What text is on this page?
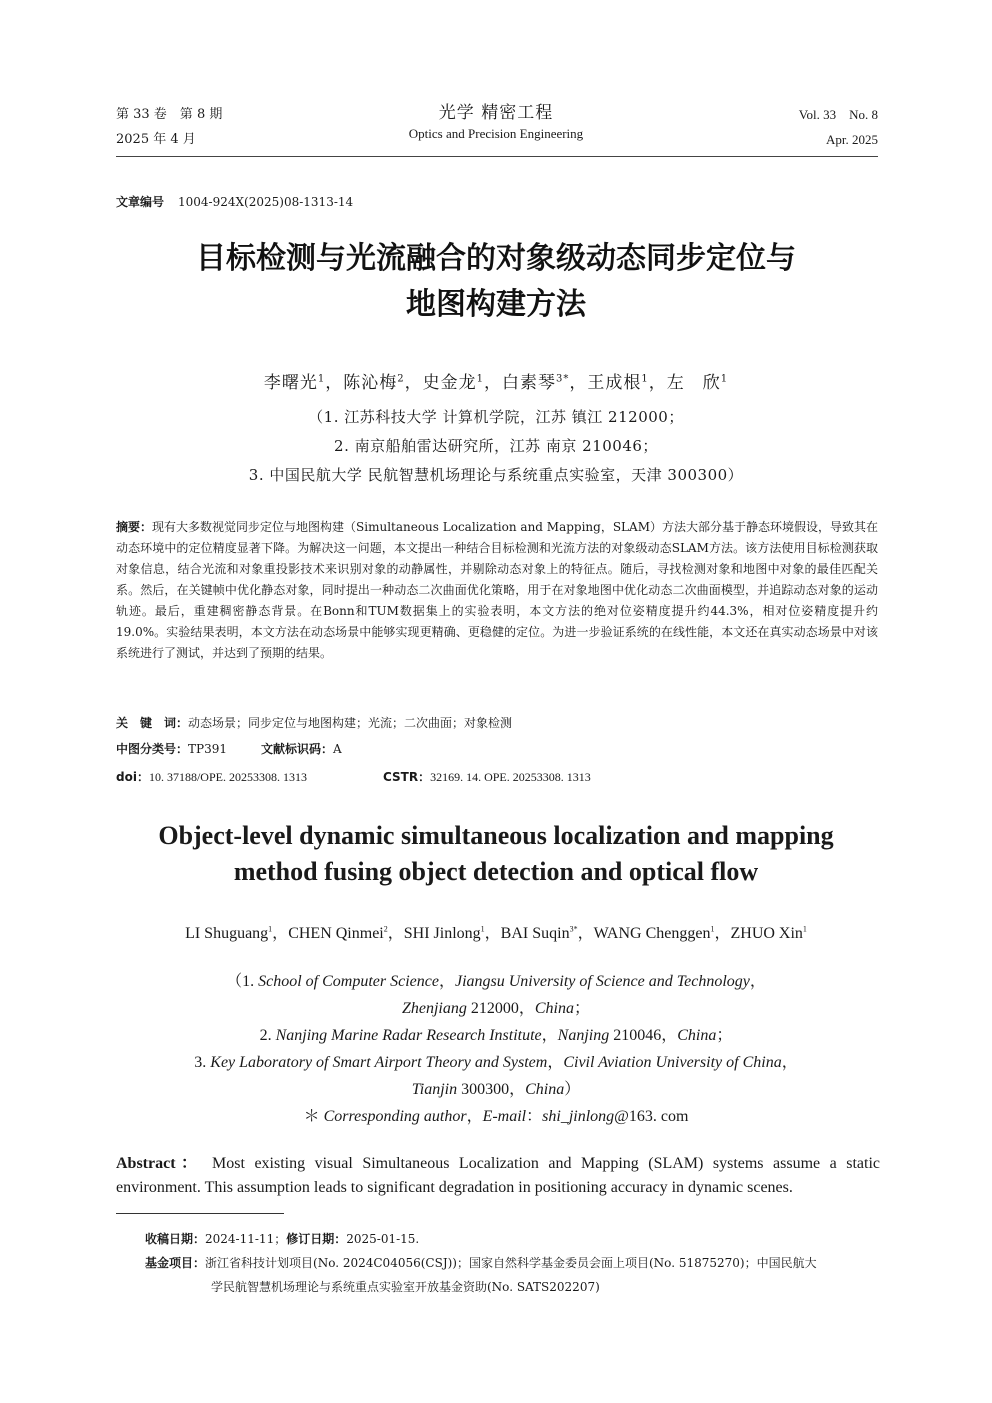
第 33 卷　第 8 期
2025 年 4 月
光学 精密工程
Optics and Precision Engineering
Vol. 33　No. 8
Apr. 2025
文章编号 1004-924X(2025)08-1313-14
目标检测与光流融合的对象级动态同步定位与
地图构建方法
李曙光$^1$，陈沁梅$^2$，史金龙$^1$，白素琴$^{3*}$，王成根$^1$，左　欣$^1$
（1. 江苏科技大学 计算机学院，江苏 镇江 212000；
2. 南京船舶雷达研究所，江苏 南京 210046；
3. 中国民航大学 民航智慧机场理论与系统重点实验室，天津 300300）
摘要：现有大多数视觉同步定位与地图构建（Simultaneous Localization and Mapping，SLAM）方法大部分基于静态环境假设，导致其在动态环境中的定位精度显著下降。为解决这一问题，本文提出一种结合目标检测和光流方法的对象级动态SLAM方法。该方法使用目标检测获取对象信息，结合光流和对象重投影技术来识别对象的动静属性，并剔除动态对象上的特征点。随后，寻找检测对象和地图中对象的最佳匹配关系。然后，在关键帧中优化静态对象，同时提出一种动态二次曲面优化策略，用于在对象地图中优化动态二次曲面模型，并追踪动态对象的运动轨迹。最后，重建稠密静态背景。在Bonn和TUM数据集上的实验表明，本文方法的绝对位姿精度提升约44.3%，相对位姿精度提升约19.0%。实验结果表明，本文方法在动态场景中能够实现更精确、更稳健的定位。为进一步验证系统的在线性能，本文还在真实动态场景中对该系统进行了测试，并达到了预期的结果。
关　键　词：动态场景；同步定位与地图构建；光流；二次曲面；对象检测
中图分类号：TP391	文献标识码：A
doi：10. 37188/OPE. 20253308. 1313	CSTR：32169. 14. OPE. 20253308. 1313
Object-level dynamic simultaneous localization and mapping
method fusing object detection and optical flow
LI Shuguang$^1$，CHEN Qinmei$^2$，SHI Jinlong$^1$，BAI Suqin$^{3*}$，WANG Chenggen$^1$，ZHUO Xin$^1$
（1. School of Computer Science，Jiangsu University of Science and Technology，
Zhenjiang 212000，China；
2. Nanjing Marine Radar Research Institute，Nanjing 210046，China；
3. Key Laboratory of Smart Airport Theory and System，Civil Aviation University of China，
Tianjin 300300，China）
＊ Corresponding author，E-mail：shi_jinlong@163. com
Abstract： Most existing visual Simultaneous Localization and Mapping (SLAM) systems assume a static environment. This assumption leads to significant degradation in positioning accuracy in dynamic scenes.
收稿日期：2024-11-11；修订日期：2025-01-15.
基金项目：浙江省科技计划项目(No. 2024C04056(CSJ))；国家自然科学基金委员会面上项目(No. 51875270)；中国民航大
学民航智慧机场理论与系统重点实验室开放基金资助(No. SATS202207)
